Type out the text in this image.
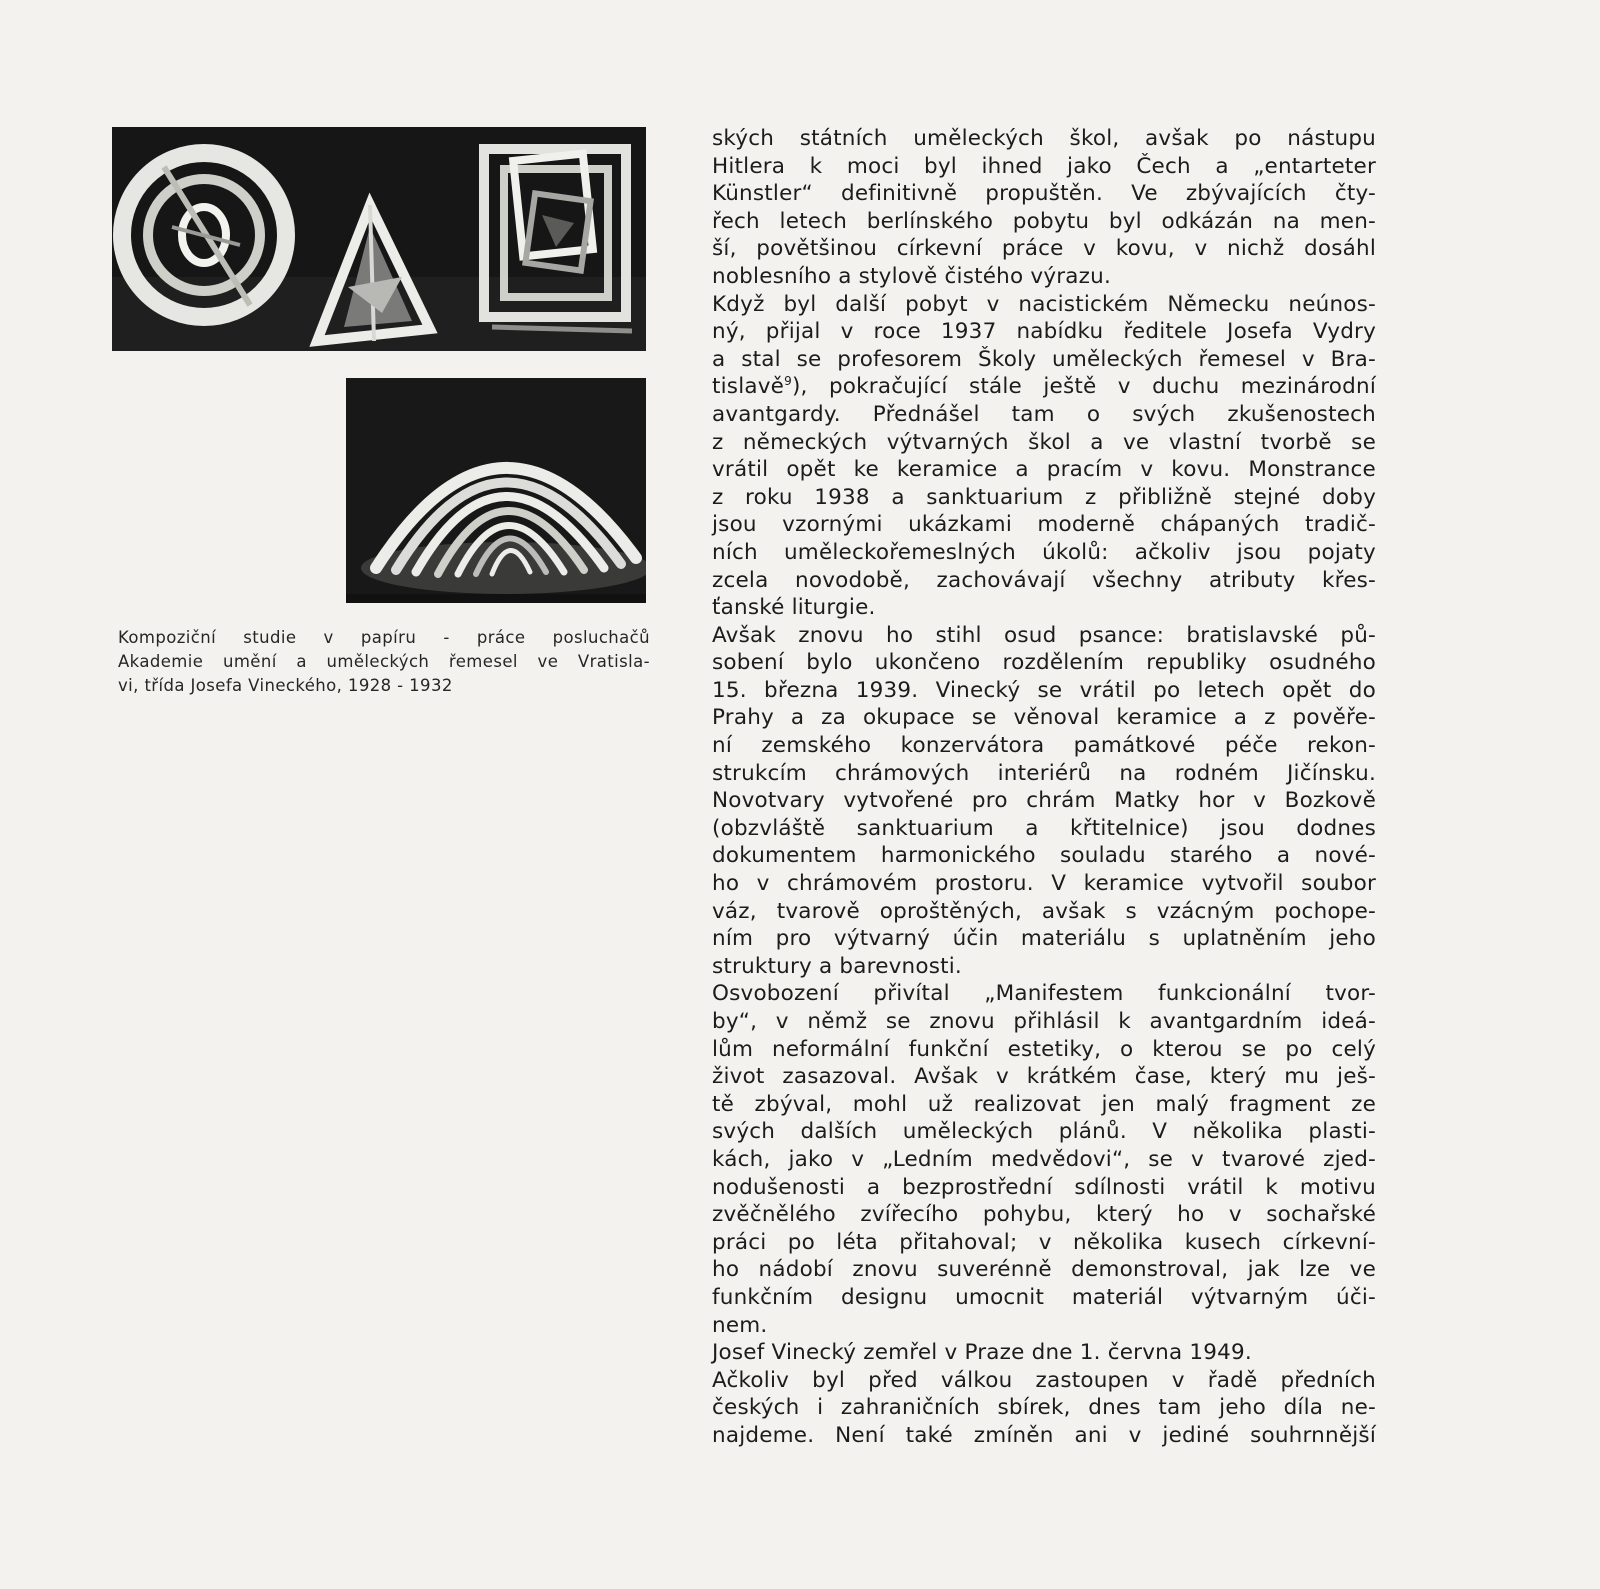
Kompoziční studie v papíru - práce posluchačů
Akademie umění a uměleckých řemesel ve Vratisla-
vi, třída Josefa Vineckého, 1928 - 1932
ských státních uměleckých škol, avšak po nástupu
Hitlera k moci byl ihned jako Čech a „entarteter
Künstler“ definitivně propuštěn. Ve zbývajících čty-
řech letech berlínského pobytu byl odkázán na men-
ší, povětšinou církevní práce v kovu, v nichž dosáhl
noblesního a stylově čistého výrazu.
Když byl další pobyt v nacistickém Německu neúnos-
ný, přijal v roce 1937 nabídku ředitele Josefa Vydry
a stal se profesorem Školy uměleckých řemesel v Bra-
tislavě$^9$), pokračující stále ještě v duchu mezinárodní
avantgardy. Přednášel tam o svých zkušenostech
z německých výtvarných škol a ve vlastní tvorbě se
vrátil opět ke keramice a pracím v kovu. Monstrance
z roku 1938 a sanktuarium z přibližně stejné doby
jsou vzornými ukázkami moderně chápaných tradič-
ních uměleckořemeslných úkolů: ačkoliv jsou pojaty
zcela novodobě, zachovávají všechny atributy křes-
ťanské liturgie.
Avšak znovu ho stihl osud psance: bratislavské pů-
sobení bylo ukončeno rozdělením republiky osudného
15. března 1939. Vinecký se vrátil po letech opět do
Prahy a za okupace se věnoval keramice a z pověře-
ní zemského konzervátora památkové péče rekon-
strukcím chrámových interiérů na rodném Jičínsku.
Novotvary vytvořené pro chrám Matky hor v Bozkově
(obzvláště sanktuarium a křtitelnice) jsou dodnes
dokumentem harmonického souladu starého a nové-
ho v chrámovém prostoru. V keramice vytvořil soubor
váz, tvarově oproštěných, avšak s vzácným pochope-
ním pro výtvarný účin materiálu s uplatněním jeho
struktury a barevnosti.
Osvobození přivítal „Manifestem funkcionální tvor-
by“, v němž se znovu přihlásil k avantgardním ideá-
lům neformální funkční estetiky, o kterou se po celý
život zasazoval. Avšak v krátkém čase, který mu ješ-
tě zbýval, mohl už realizovat jen malý fragment ze
svých dalších uměleckých plánů. V několika plasti-
kách, jako v „Ledním medvědovi“, se v tvarové zjed-
nodušenosti a bezprostřední sdílnosti vrátil k motivu
zvěčnělého zvířecího pohybu, který ho v sochařské
práci po léta přitahoval; v několika kusech církevní-
ho nádobí znovu suverénně demonstroval, jak lze ve
funkčním designu umocnit materiál výtvarným úči-
nem.
Josef Vinecký zemřel v Praze dne 1. června 1949.
Ačkoliv byl před válkou zastoupen v řadě předních
českých i zahraničních sbírek, dnes tam jeho díla ne-
najdeme. Není také zmíněn ani v jediné souhrnnější
